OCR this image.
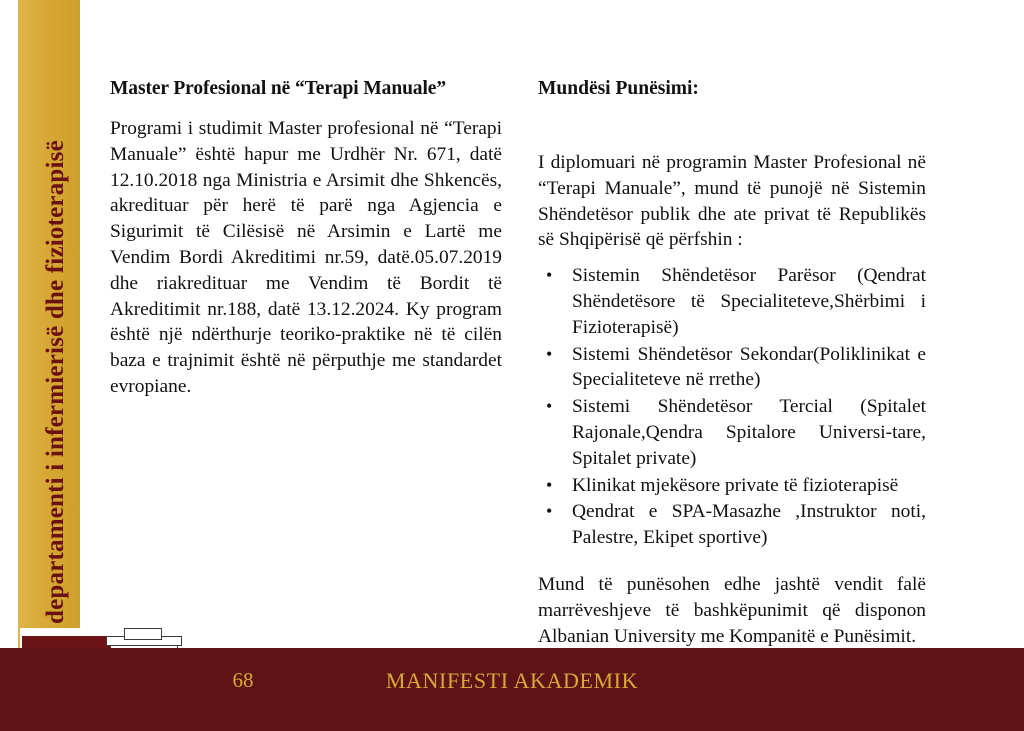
departamenti i infermierisë dhe fizioterapisë
Master Profesional në “Terapi Manuale”

Programi i studimit Master profesional në “Terapi Manuale” është hapur me Urdhër Nr. 671, datë 12.10.2018 nga Ministria e Arsimit dhe Shkencës, akredituar për herë të parë nga Agjencia e Sigurimit të Cilësisë në Arsimin e Lartë me Vendim Bordi Akreditimi nr.59, datë.05.07.2019 dhe riakredituar me Vendim të Bordit të Akreditimit nr.188, datë 13.12.2024. Ky program është një ndërthurje teoriko-praktike në të cilën baza e trajnimit është në përputhje me standardet evropiane.

Mundësi Punësimi:

I diplomuari në programin Master Profesional në “Terapi Manuale”, mund të punojë në Sistemin Shëndetësor publik dhe ate privat të Republikës së Shqipërisë që përfshin :

• Sistemin Shëndetësor Parësor (Qendrat Shëndetësore të Specialiteteve,Shërbimi i Fizioterapisë)
• Sistemi Shëndetësor Sekondar(Poliklinikat e Specialiteteve në rrethe)
• Sistemi Shëndetësor Tercial (Spitalet Rajonale,Qendra Spitalore Universi-tare, Spitalet private)
• Klinikat mjekësore private të fizioterapisë
• Qendrat e SPA-Masazhe ,Instruktor noti, Palestre, Ekipet sportive)

Mund të punësohen edhe jashtë vendit falë marrëveshjeve të bashkëpunimit që disponon Albanian University me Kompanitë e Punësimit.

68	MANIFESTI AKADEMIK
